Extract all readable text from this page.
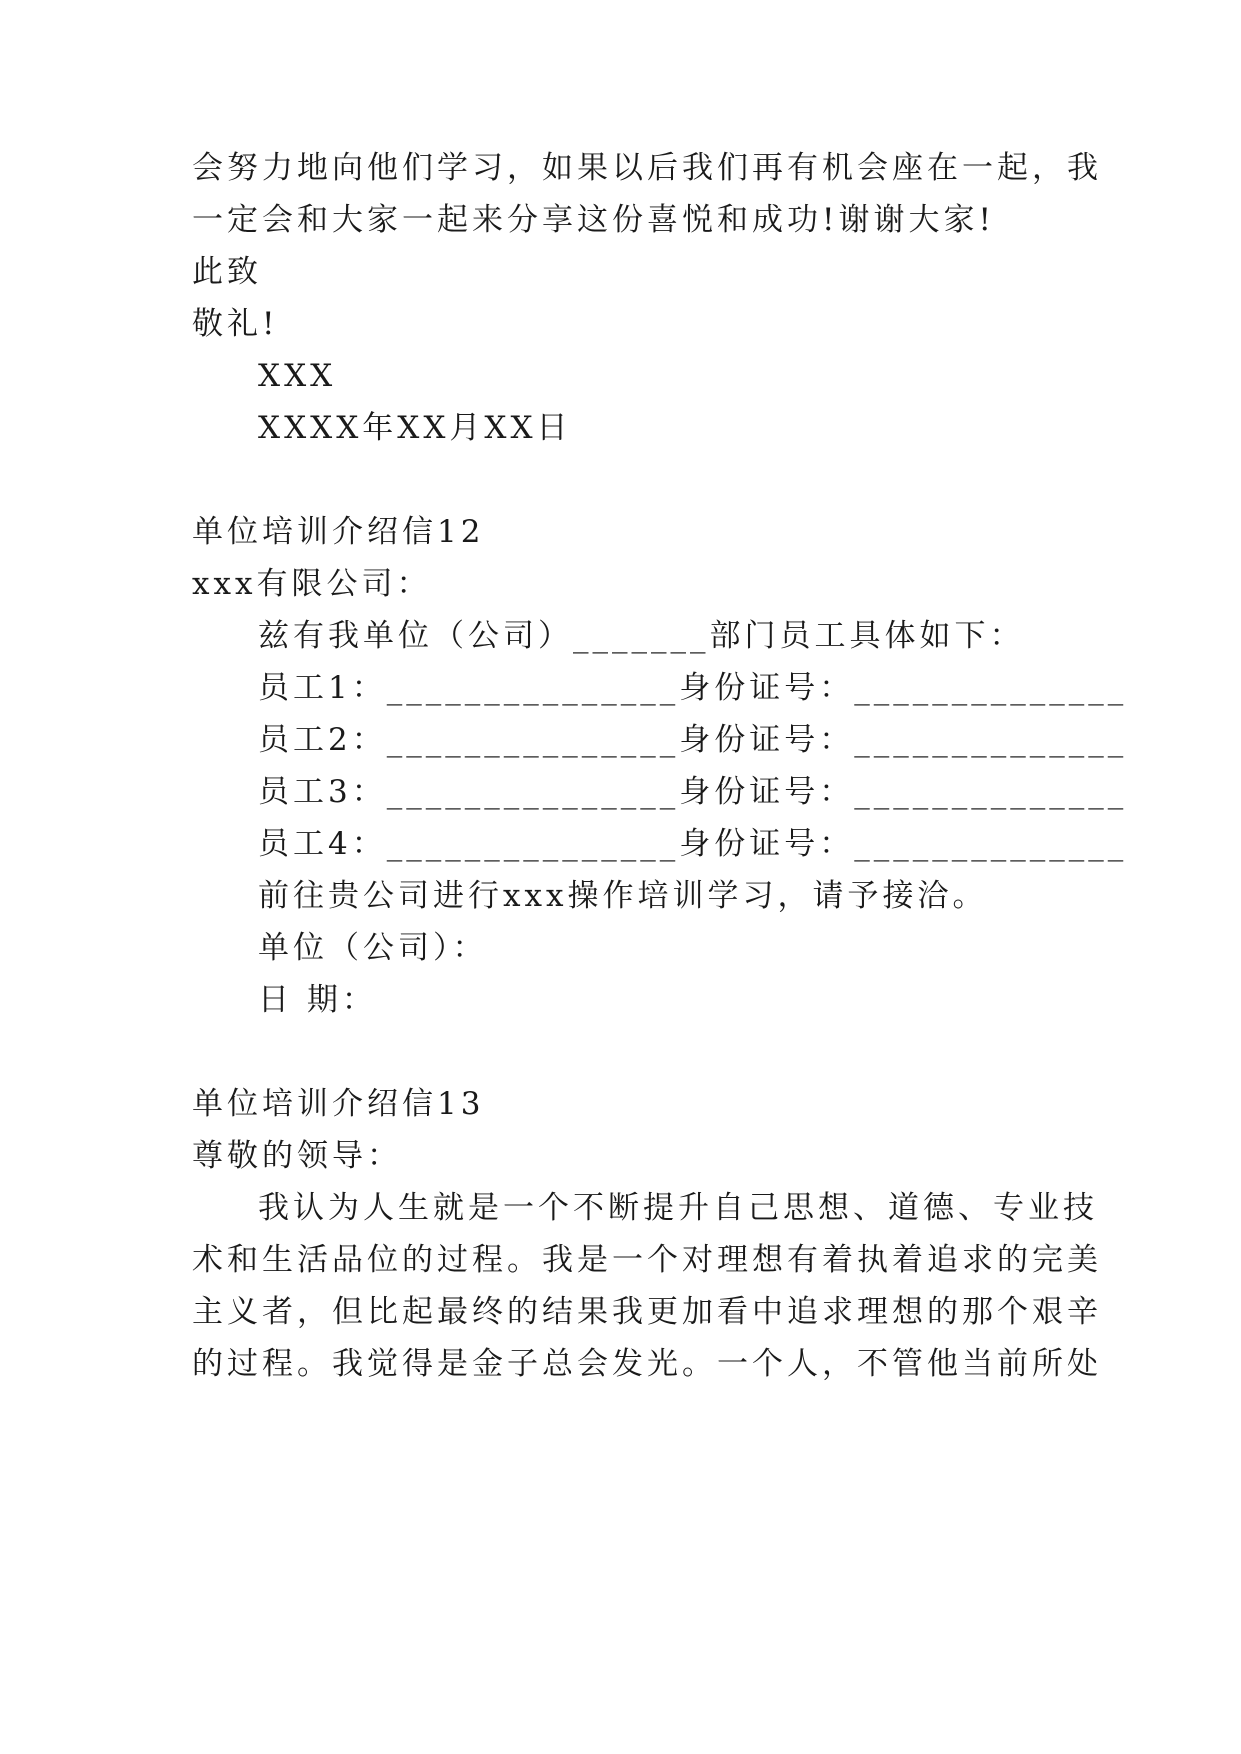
会努力地向他们学习，如果以后我们再有机会座在一起，我
一定会和大家一起来分享这份喜悦和成功!谢谢大家!
此致
敬礼!
XXX
XXXX年XX月XX日
单位培训介绍信12
xxx有限公司：
兹有我单位（公司）_______部门员工具体如下：
员工1：_______________身份证号：______________
员工2：_______________身份证号：______________
员工3：_______________身份证号：______________
员工4：_______________身份证号：______________
前往贵公司进行xxx操作培训学习，请予接洽。
单位（公司）：
日 期：
单位培训介绍信13
尊敬的领导：
我认为人生就是一个不断提升自己思想、道德、专业技
术和生活品位的过程。我是一个对理想有着执着追求的完美
主义者，但比起最终的结果我更加看中追求理想的那个艰辛
的过程。我觉得是金子总会发光。一个人，不管他当前所处
